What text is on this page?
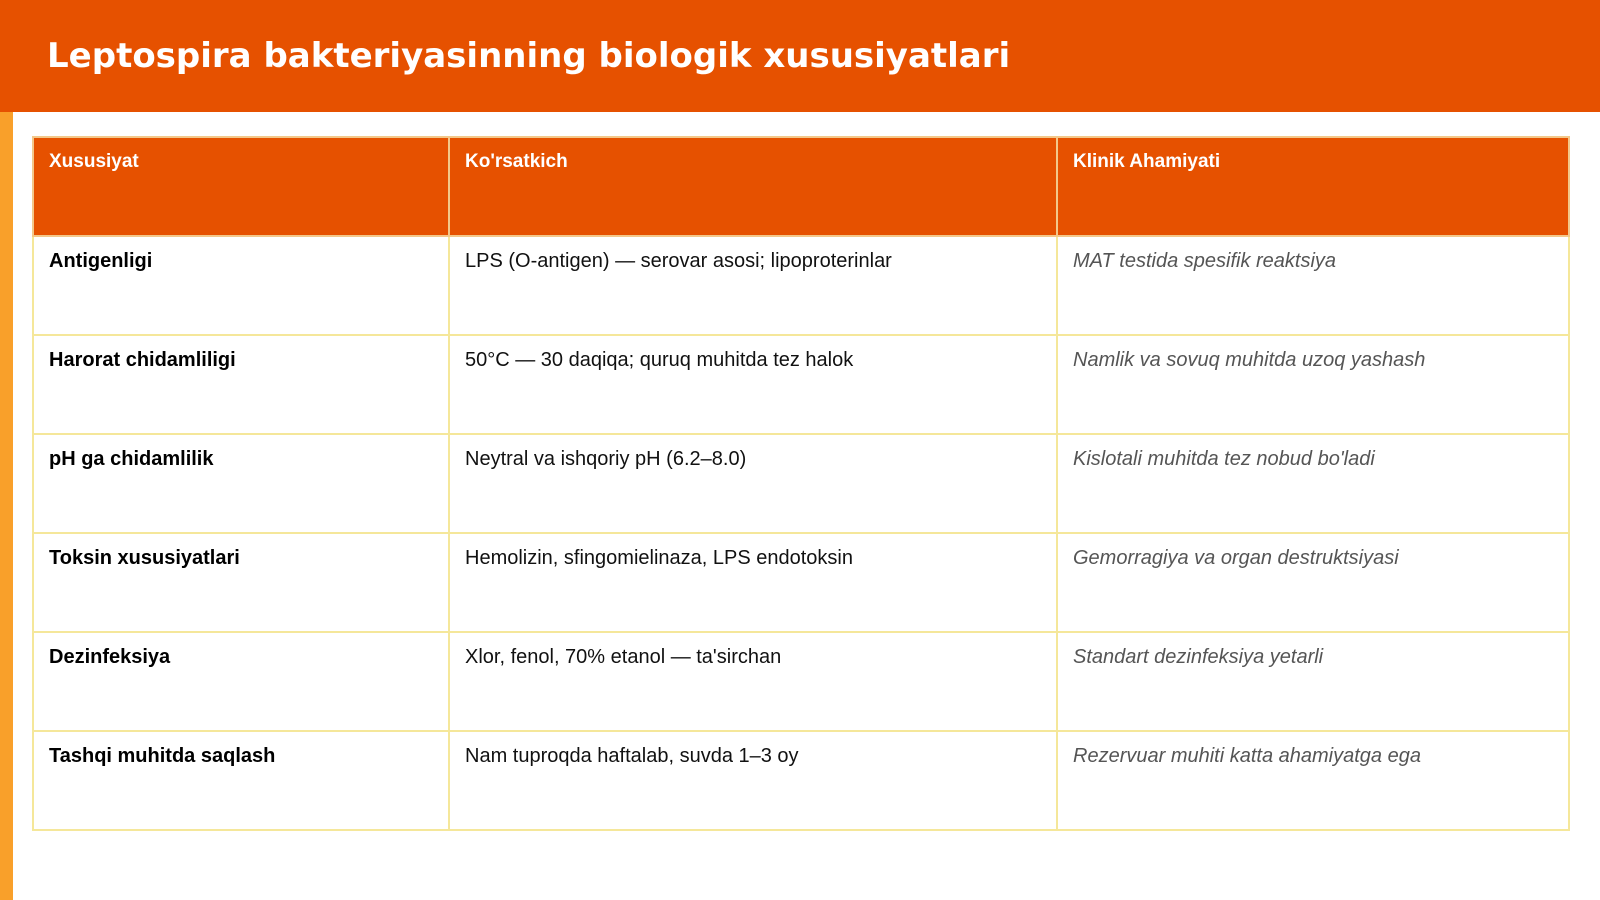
Leptospira bakteriyasinning biologik xususiyatlari
Xususiyat	Ko'rsatkich	Klinik Ahamiyati
Antigenligi	LPS (O-antigen) — serovar asosi; lipoproterinlar	MAT testida spesifik reaktsiya
Harorat chidamliligi	50°C — 30 daqiqa; quruq muhitda tez halok	Namlik va sovuq muhitda uzoq yashash
pH ga chidamlilik	Neytral va ishqoriy pH (6.2–8.0)	Kislotali muhitda tez nobud bo'ladi
Toksin xususiyatlari	Hemolizin, sfingomielinaza, LPS endotoksin	Gemorragiya va organ destruktsiyasi
Dezinfeksiya	Xlor, fenol, 70% etanol — ta'sirchan	Standart dezinfeksiya yetarli
Tashqi muhitda saqlash	Nam tuproqda haftalab, suvda 1–3 oy	Rezervuar muhiti katta ahamiyatga ega
